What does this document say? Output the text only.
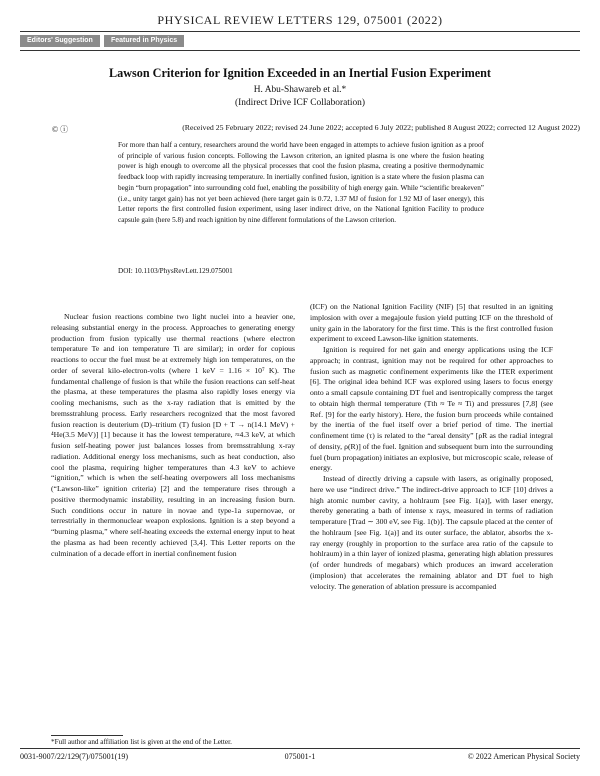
PHYSICAL REVIEW LETTERS 129, 075001 (2022)
Editors' Suggestion	Featured in Physics
Lawson Criterion for Ignition Exceeded in an Inertial Fusion Experiment
H. Abu-Shawareb et al.*
(Indirect Drive ICF Collaboration)
© ⓘ	(Received 25 February 2022; revised 24 June 2022; accepted 6 July 2022; published 8 August 2022; corrected 12 August 2022)
For more than half a century, researchers around the world have been engaged in attempts to achieve fusion ignition as a proof of principle of various fusion concepts. Following the Lawson criterion, an ignited plasma is one where the fusion heating power is high enough to overcome all the physical processes that cool the fusion plasma, creating a positive thermodynamic feedback loop with rapidly increasing temperature. In inertially confined fusion, ignition is a state where the fusion plasma can begin “burn propagation” into surrounding cold fuel, enabling the possibility of high energy gain. While “scientific breakeven” (i.e., unity target gain) has not yet been achieved (here target gain is 0.72, 1.37 MJ of fusion for 1.92 MJ of laser energy), this Letter reports the first controlled fusion experiment, using laser indirect drive, on the National Ignition Facility to produce capsule gain (here 5.8) and reach ignition by nine different formulations of the Lawson criterion.
DOI: 10.1103/PhysRevLett.129.075001

Nuclear fusion reactions combine two light nuclei into a heavier one, releasing substantial energy in the process. Approaches to generating energy production from fusion typically use thermal reactions (where electron temperature Te and ion temperature Ti are similar); in order for copious reactions to occur the fuel must be at extremely high ion temperatures, on the order of several kilo-electron-volts (where 1 keV = 1.16 × 10⁷ K). The fundamental challenge of fusion is that while the fusion reactions can self-heat the plasma, at these temperatures the plasma also rapidly loses energy via cooling mechanisms, such as the x-ray radiation that is emitted by the bremsstrahlung process. Early researchers recognized that the most favored fusion reaction is deuterium (D)–tritium (T) fusion [D + T → n(14.1 MeV) + ⁴He(3.5 MeV)] [1] because it has the lowest temperature, ≈4.3 keV, at which fusion self-heating power just balances losses from bremsstrahlung x-ray radiation. Additional energy loss mechanisms, such as heat conduction, also cool the plasma, requiring higher temperatures than 4.3 keV to achieve “ignition,” which is when the self-heating overpowers all loss mechanisms (“Lawson-like” ignition criteria) [2] and the temperature rises through a positive thermodynamic instability, resulting in an increasing fusion burn. Such conditions occur in nature in novae and type-1a supernovae, or terrestrially in thermonuclear weapon explosions. Ignition is a step beyond a “burning plasma,” where self-heating exceeds the external energy input to heat the plasma as had been recently achieved [3,4]. This Letter reports on the culmination of a decade effort in inertial confinement fusion

(ICF) on the National Ignition Facility (NIF) [5] that resulted in an igniting implosion with over a megajoule fusion yield putting ICF on the threshold of unity gain in the laboratory for the first time. This is the first controlled fusion experiment to exceed Lawson-like ignition statements.

Ignition is required for net gain and energy applications using the ICF approach; in contrast, ignition may not be required for other approaches to fusion such as magnetic confinement experiments like the ITER experiment [6]. The original idea behind ICF was explored using lasers to focus energy onto a small capsule containing DT fuel and isentropically compress the target to obtain high thermal temperature (Tth ≈ Te ≈ Ti) and pressures [7,8] (see Ref. [9] for the early history). Here, the fusion burn proceeds while contained by the inertia of the fuel itself over a brief period of time. The inertial confinement time (τ) is related to the “areal density” [ρR as the radial integral of density, ρ(R)] of the fuel. Ignition and subsequent burn into the surrounding fuel (burn propagation) initiates an explosive, but microscopic scale, release of energy.

Instead of directly driving a capsule with lasers, as originally proposed, here we use “indirect drive.” The indirect-drive approach to ICF [10] drives a high atomic number cavity, a hohlraum [see Fig. 1(a)], with laser energy, thereby generating a bath of intense x rays, measured in terms of radiation temperature [Trad ∼ 300 eV, see Fig. 1(b)]. The capsule placed at the center of the hohlraum [see Fig. 1(a)] and its outer surface, the ablator, absorbs the x-ray energy (roughly in proportion to the surface area ratio of the capsule to hohlraum) in a thin layer of ionized plasma, generating high ablation pressures (of order hundreds of megabars) which produces an inward acceleration (implosion) that accelerates the remaining ablator and DT fuel to high velocity. The generation of ablation pressure is accompanied

*Full author and affiliation list is given at the end of the Letter.
0031-9007/22/129(7)/075001(19)	075001-1	© 2022 American Physical Society
